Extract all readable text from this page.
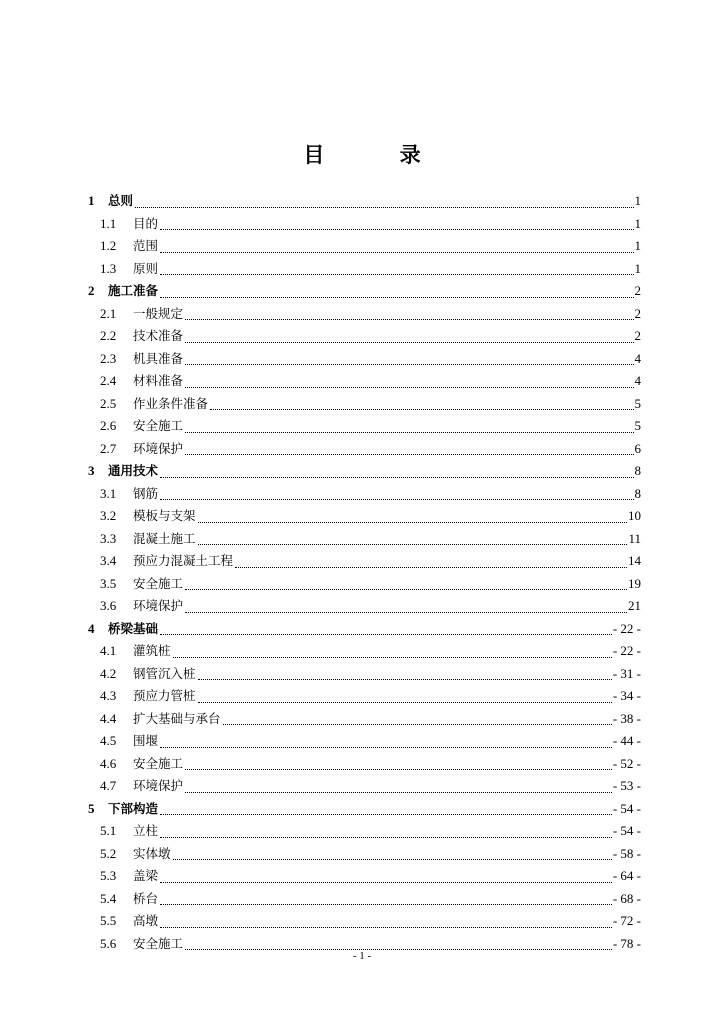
目 录
1	总则	1
1.1	目的	1
1.2	范围	1
1.3	原则	1
2	施工准备	2
2.1	一般规定	2
2.2	技术准备	2
2.3	机具准备	4
2.4	材料准备	4
2.5	作业条件准备	5
2.6	安全施工	5
2.7	环境保护	6
3	通用技术	8
3.1	钢筋	8
3.2	模板与支架	10
3.3	混凝土施工	11
3.4	预应力混凝土工程	14
3.5	安全施工	19
3.6	环境保护	21
4	桥梁基础	- 22 -
4.1	灌筑桩	- 22 -
4.2	钢管沉入桩	- 31 -
4.3	预应力管桩	- 34 -
4.4	扩大基础与承台	- 38 -
4.5	围堰	- 44 -
4.6	安全施工	- 52 -
4.7	环境保护	- 53 -
5	下部构造	- 54 -
5.1	立柱	- 54 -
5.2	实体墩	- 58 -
5.3	盖梁	- 64 -
5.4	桥台	- 68 -
5.5	高墩	- 72 -
5.6	安全施工	- 78 -
- 1 -
